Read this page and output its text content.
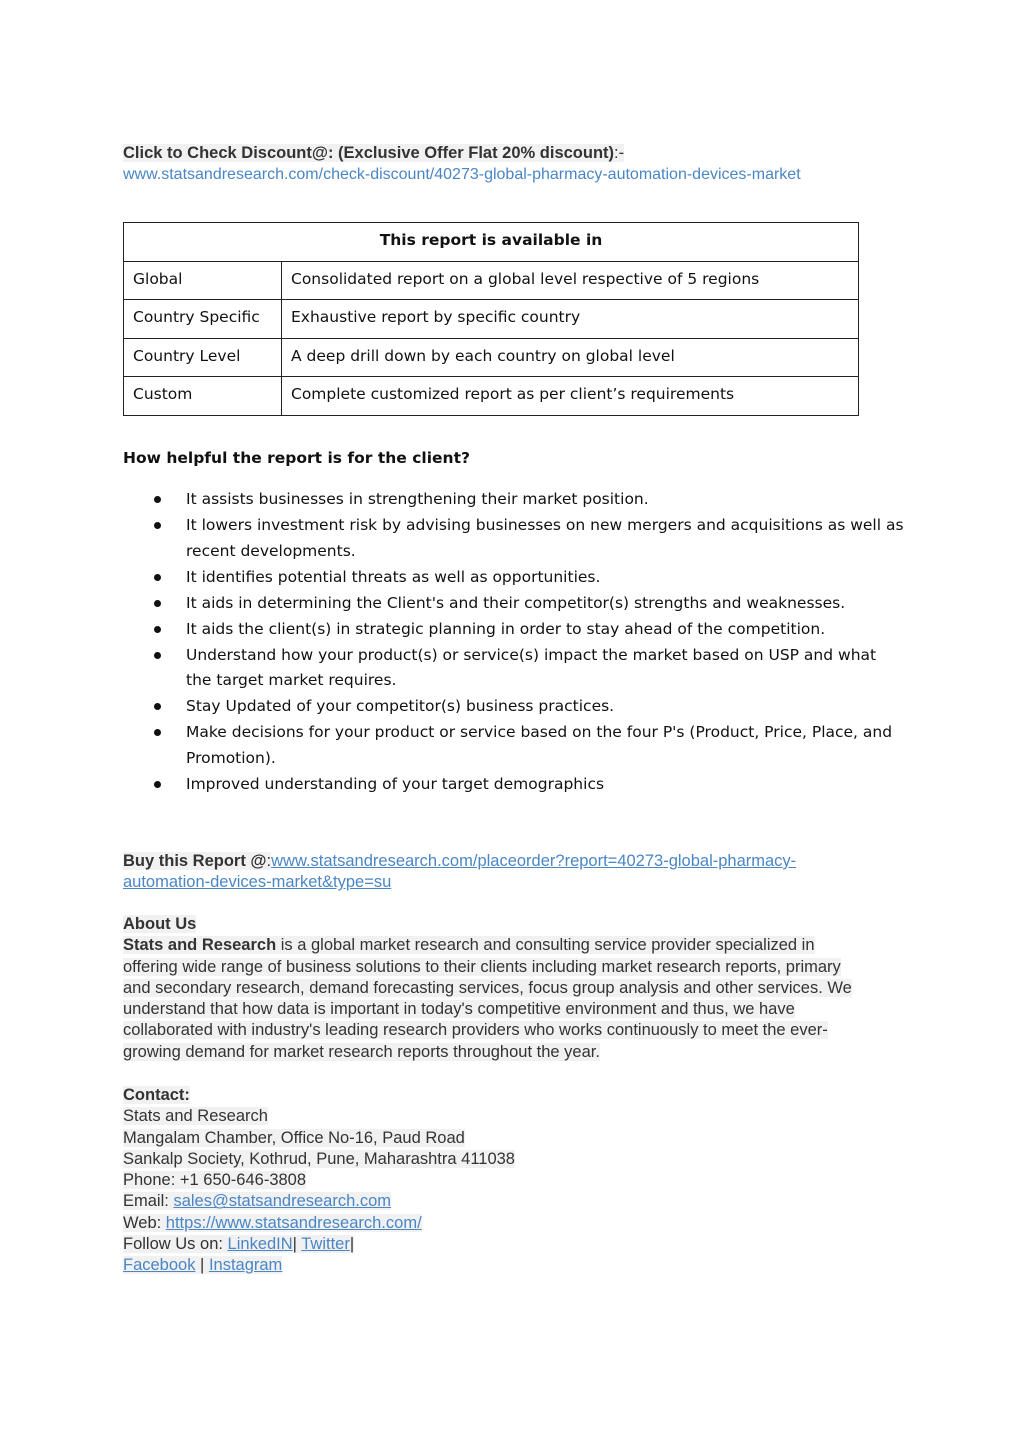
Click to Check Discount@: (Exclusive Offer Flat 20% discount):-
www.statsandresearch.com/check-discount/40273-global-pharmacy-automation-devices-market
This report is available in	
Global	Consolidated report on a global level respective of 5 regions
Country Specific	Exhaustive report by specific country
Country Level	A deep drill down by each country on global level
Custom	Complete customized report as per client’s requirements
How helpful the report is for the client?
It assists businesses in strengthening their market position.
It lowers investment risk by advising businesses on new mergers and acquisitions as well as recent developments.
It identifies potential threats as well as opportunities.
It aids in determining the Client's and their competitor(s) strengths and weaknesses.
It aids the client(s) in strategic planning in order to stay ahead of the competition.
Understand how your product(s) or service(s) impact the market based on USP and what the target market requires.
Stay Updated of your competitor(s) business practices.
Make decisions for your product or service based on the four P's (Product, Price, Place, and Promotion).
Improved understanding of your target demographics
Buy this Report @:www.statsandresearch.com/placeorder?report=40273-global-pharmacy-
automation-devices-market&type=su
About Us
Stats and Research is a global market research and consulting service provider specialized in
offering wide range of business solutions to their clients including market research reports, primary
and secondary research, demand forecasting services, focus group analysis and other services. We
understand that how data is important in today's competitive environment and thus, we have
collaborated with industry's leading research providers who works continuously to meet the ever-
growing demand for market research reports throughout the year.
Contact:
Stats and Research
Mangalam Chamber, Office No-16, Paud Road
Sankalp Society, Kothrud, Pune, Maharashtra 411038
Phone: +1 650-646-3808
Email: sales@statsandresearch.com
Web: https://www.statsandresearch.com/
Follow Us on: LinkedIN| Twitter|
Facebook | Instagram
